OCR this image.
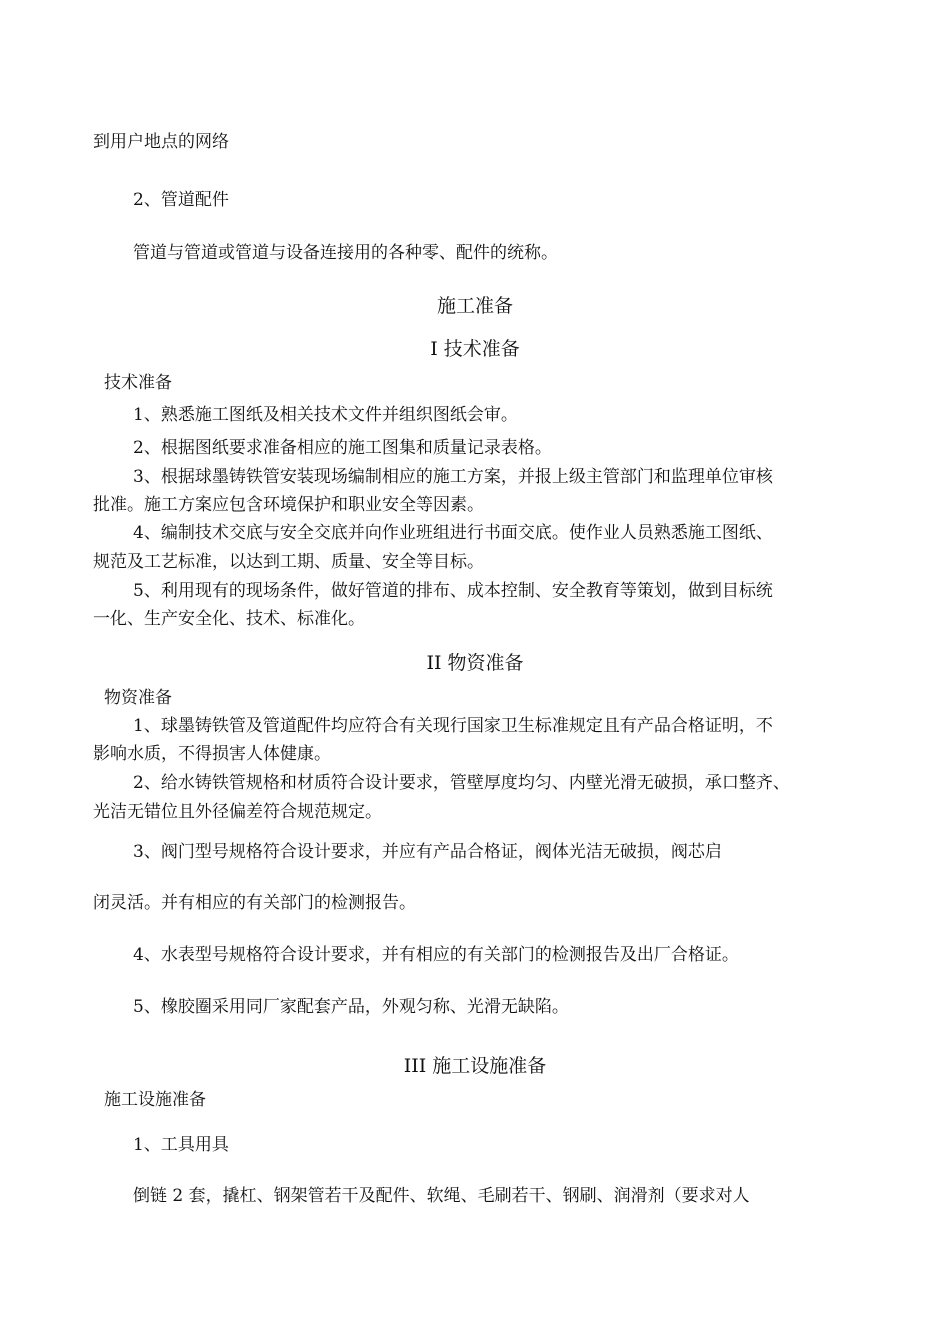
到用户地点的网络

2、管道配件

管道与管道或管道与设备连接用的各种零、配件的统称。

施工准备

I 技术准备

技术准备

1、熟悉施工图纸及相关技术文件并组织图纸会审。

2、根据图纸要求准备相应的施工图集和质量记录表格。

3、根据球墨铸铁管安装现场编制相应的施工方案，并报上级主管部门和监理单位审核

批准。施工方案应包含环境保护和职业安全等因素。

4、编制技术交底与安全交底并向作业班组进行书面交底。使作业人员熟悉施工图纸、

规范及工艺标准，以达到工期、质量、安全等目标。

5、利用现有的现场条件，做好管道的排布、成本控制、安全教育等策划，做到目标统

一化、生产安全化、技术、标准化。

II 物资准备

物资准备

1、球墨铸铁管及管道配件均应符合有关现行国家卫生标准规定且有产品合格证明，不

影响水质，不得损害人体健康。

2、给水铸铁管规格和材质符合设计要求，管壁厚度均匀、内壁光滑无破损，承口整齐、

光洁无错位且外径偏差符合规范规定。

3、阀门型号规格符合设计要求，并应有产品合格证，阀体光洁无破损，阀芯启

闭灵活。并有相应的有关部门的检测报告。

4、水表型号规格符合设计要求，并有相应的有关部门的检测报告及出厂合格证。

5、橡胶圈采用同厂家配套产品，外观匀称、光滑无缺陷。

III 施工设施准备

施工设施准备

1、工具用具

倒链 2 套，撬杠、钢架管若干及配件、软绳、毛刷若干、钢刷、润滑剂（要求对人
